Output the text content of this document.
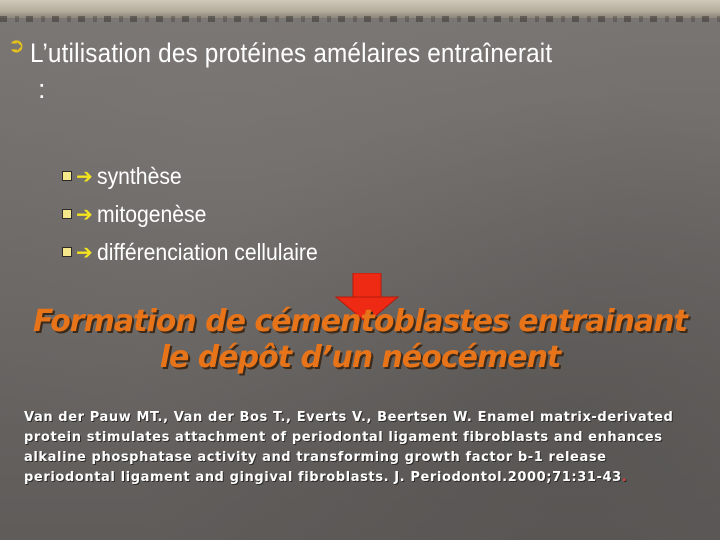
➲ L’utilisation des protéines amélaires entraînerait
:
➔ synthèse
➔ mitogenèse
➔ différenciation cellulaire
Formation de cémentoblastes entrainant
le dépôt d’un néocément
Van der Pauw MT., Van der Bos T., Everts V., Beertsen W. Enamel matrix-derivated protein stimulates attachment of periodontal ligament fibroblasts and enhances alkaline phosphatase activity and transforming growth factor b-1 release periodontal ligament and gingival fibroblasts. J. Periodontol.2000;71:31-43.
